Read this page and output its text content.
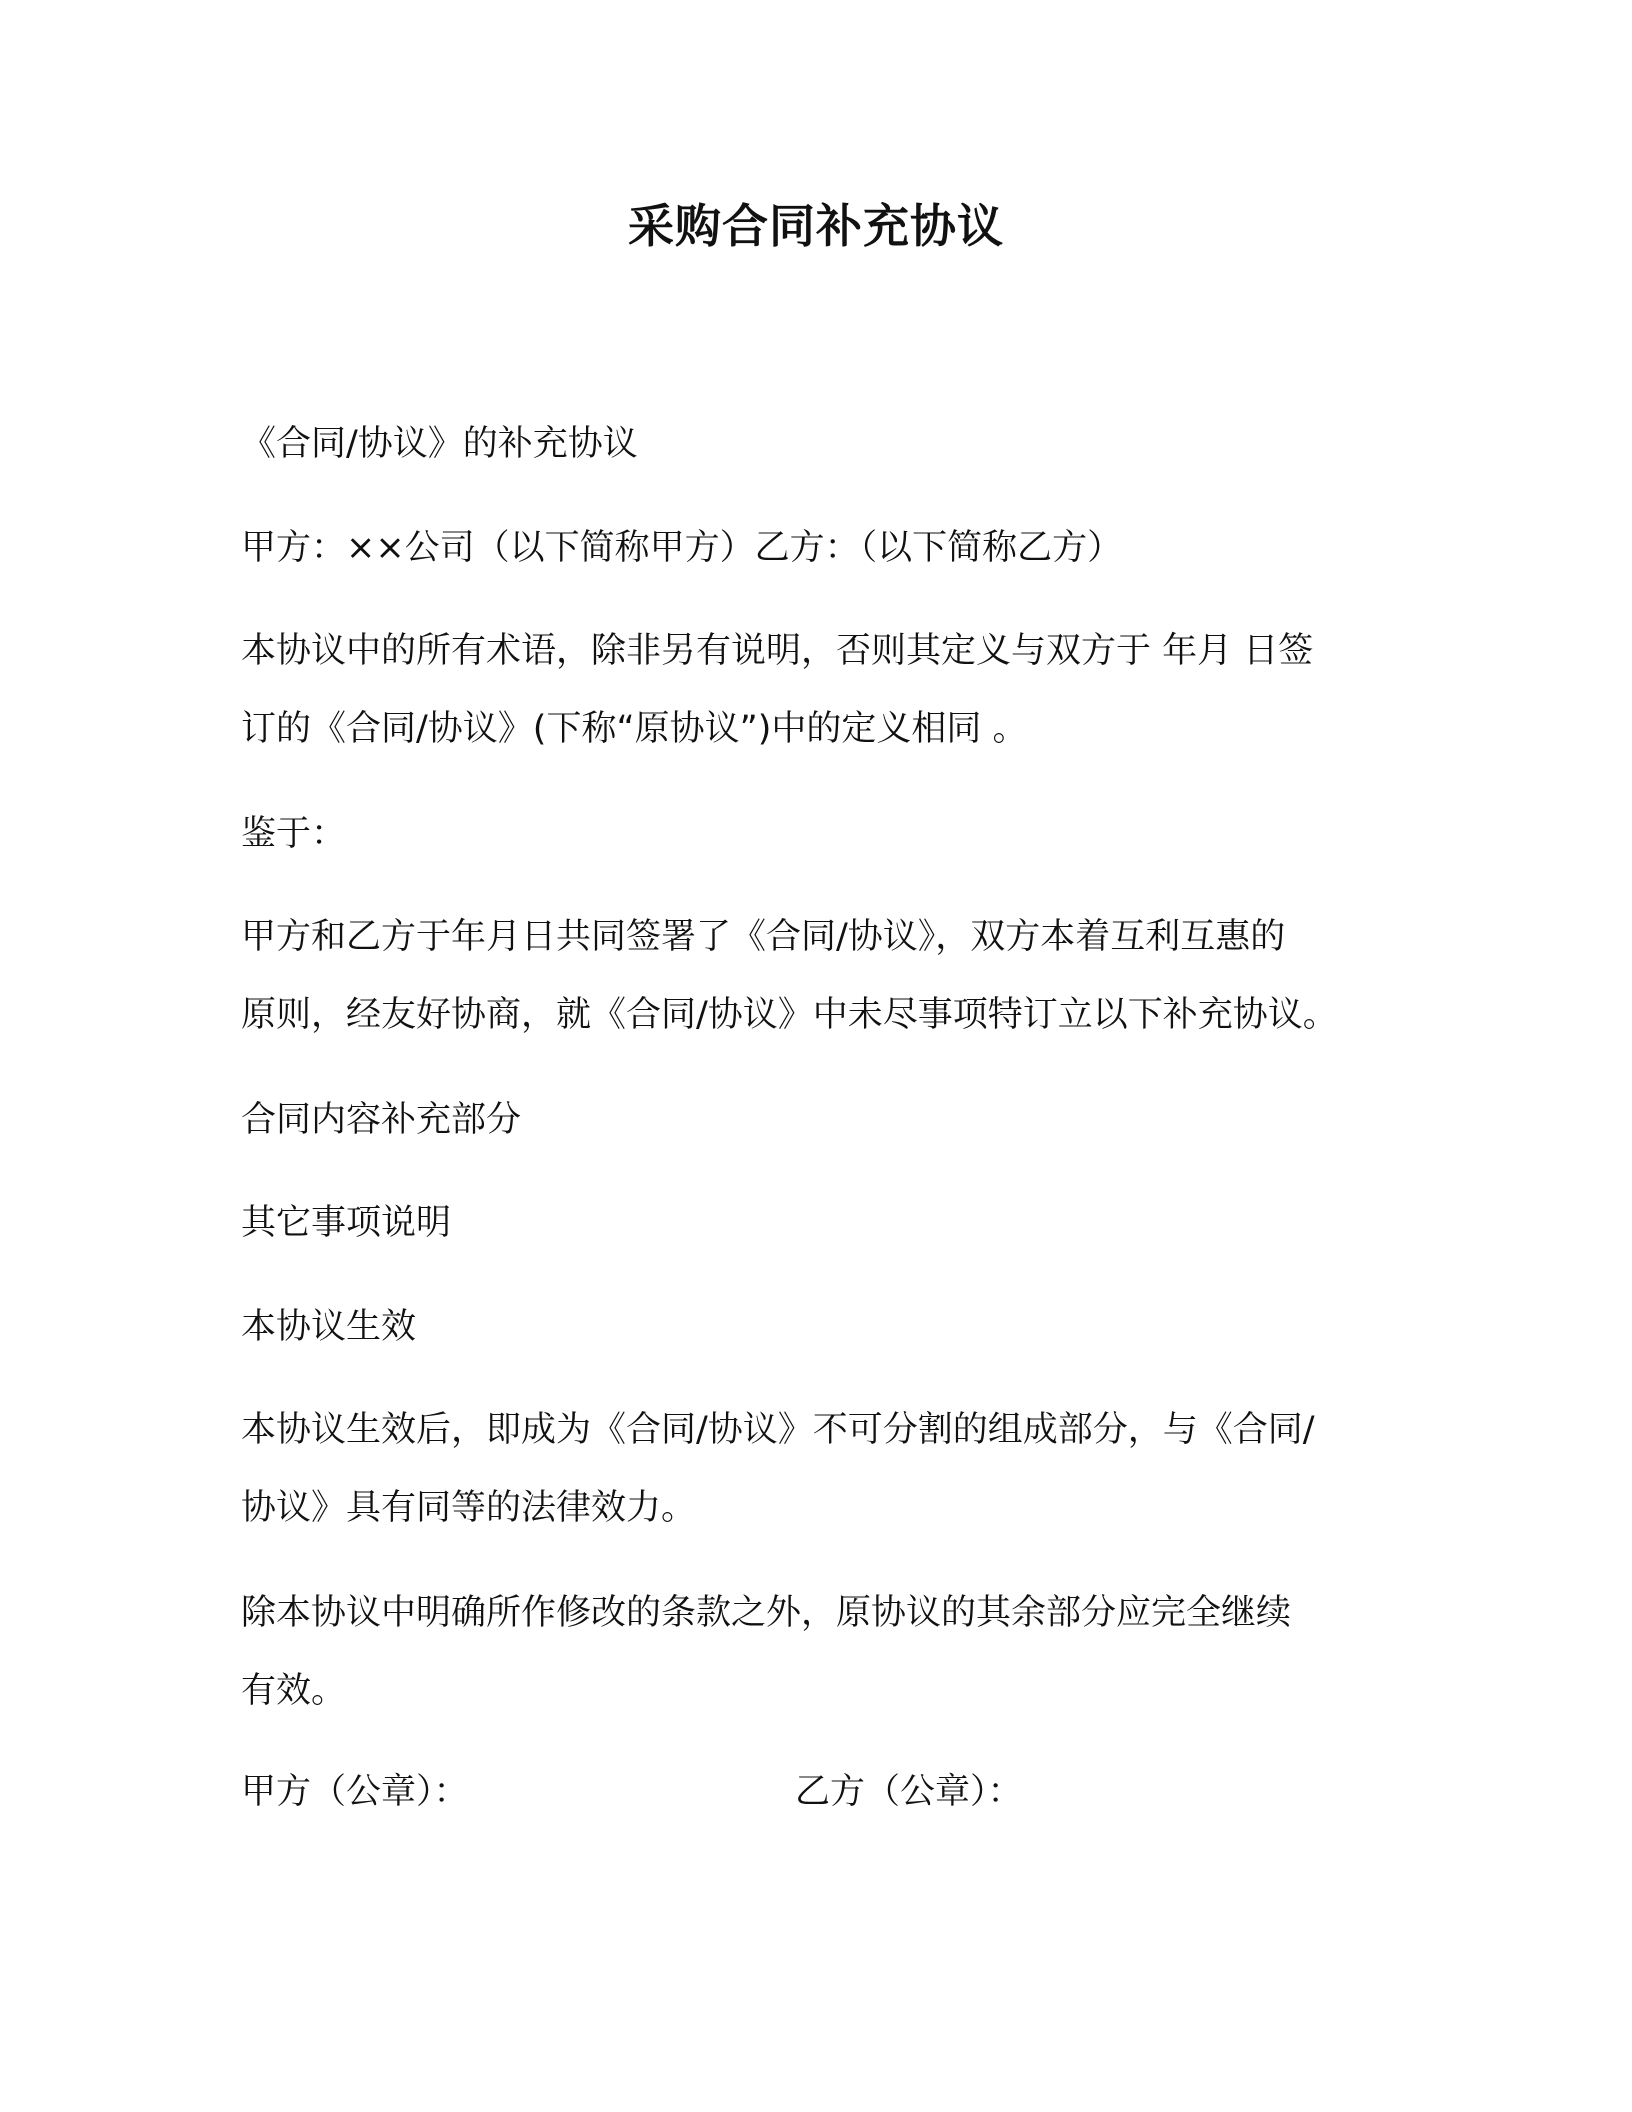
采购合同补充协议
《合同/协议》的补充协议
甲方：××公司（以下简称甲方）乙方：（以下简称乙方）
本协议中的所有术语，除非另有说明，否则其定义与双方于 年月 日签
订的《合同/协议》(下称“原协议”)中的定义相同 。
鉴于：
甲方和乙方于年月日共同签署了《合同/协议》，双方本着互利互惠的
原则，经友好协商，就《合同/协议》中未尽事项特订立以下补充协议。
合同内容补充部分
其它事项说明
本协议生效
本协议生效后，即成为《合同/协议》不可分割的组成部分，与《合同/
协议》具有同等的法律效力。
除本协议中明确所作修改的条款之外，原协议的其余部分应完全继续
有效。
甲方（公章）：	乙方（公章）：
